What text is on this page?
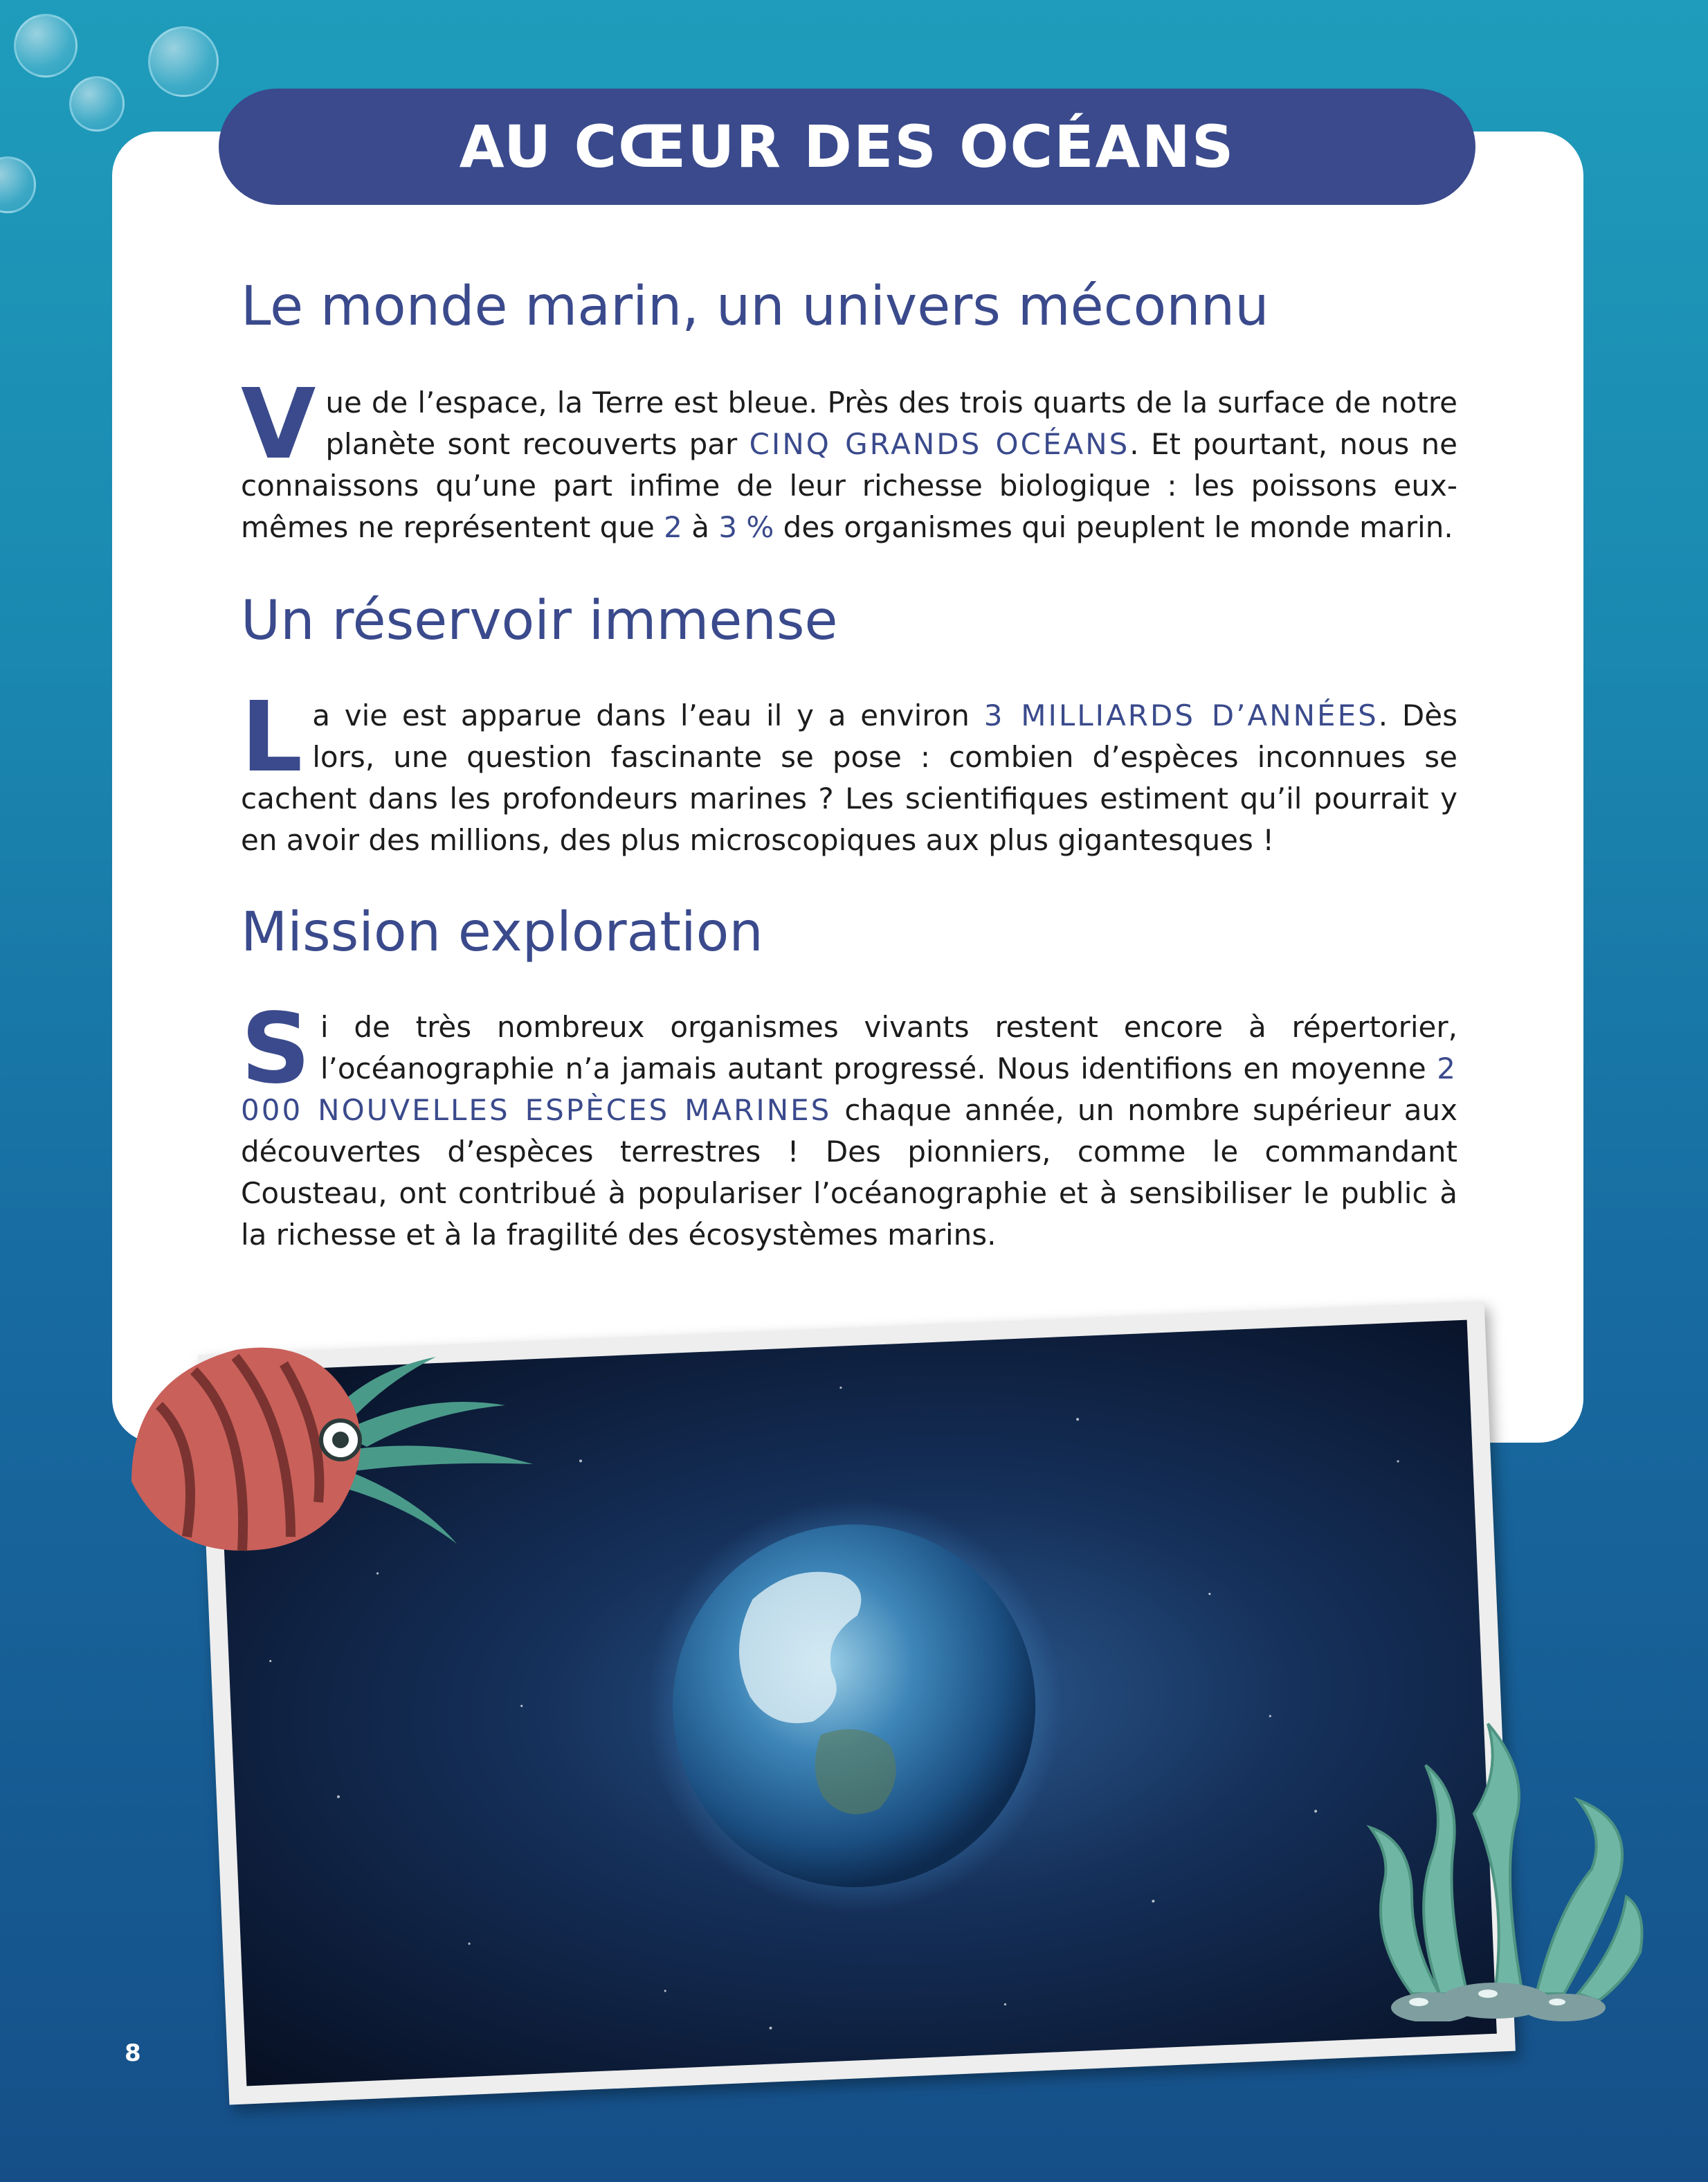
AU CŒUR DES OCÉANS
Le monde marin, un univers méconnu

Vue de l’espace, la Terre est bleue. Près des trois quarts de la surface de notre planète sont recouverts par CINQ GRANDS OCÉANS. Et pourtant, nous ne connaissons qu’une part infime de leur richesse biologique : les poissons eux-mêmes ne représentent que 2 à 3 % des organismes qui peuplent le monde marin.

Un réservoir immense

La vie est apparue dans l’eau il y a environ 3 MILLIARDS D’ANNÉES. Dès lors, une question fascinante se pose : combien d’espèces inconnues se cachent dans les profondeurs marines ? Les scientifiques estiment qu’il pourrait y en avoir des millions, des plus microscopiques aux plus gigantesques !

Mission exploration

Si de très nombreux organismes vivants restent encore à répertorier, l’océanographie n’a jamais autant progressé. Nous identifions en moyenne 2 000 NOUVELLES ESPÈCES MARINES chaque année, un nombre supérieur aux découvertes d’espèces terrestres ! Des pionniers, comme le commandant Cousteau, ont contribué à populariser l’océanographie et à sensibiliser le public à la richesse et à la fragilité des écosystèmes marins.

8
